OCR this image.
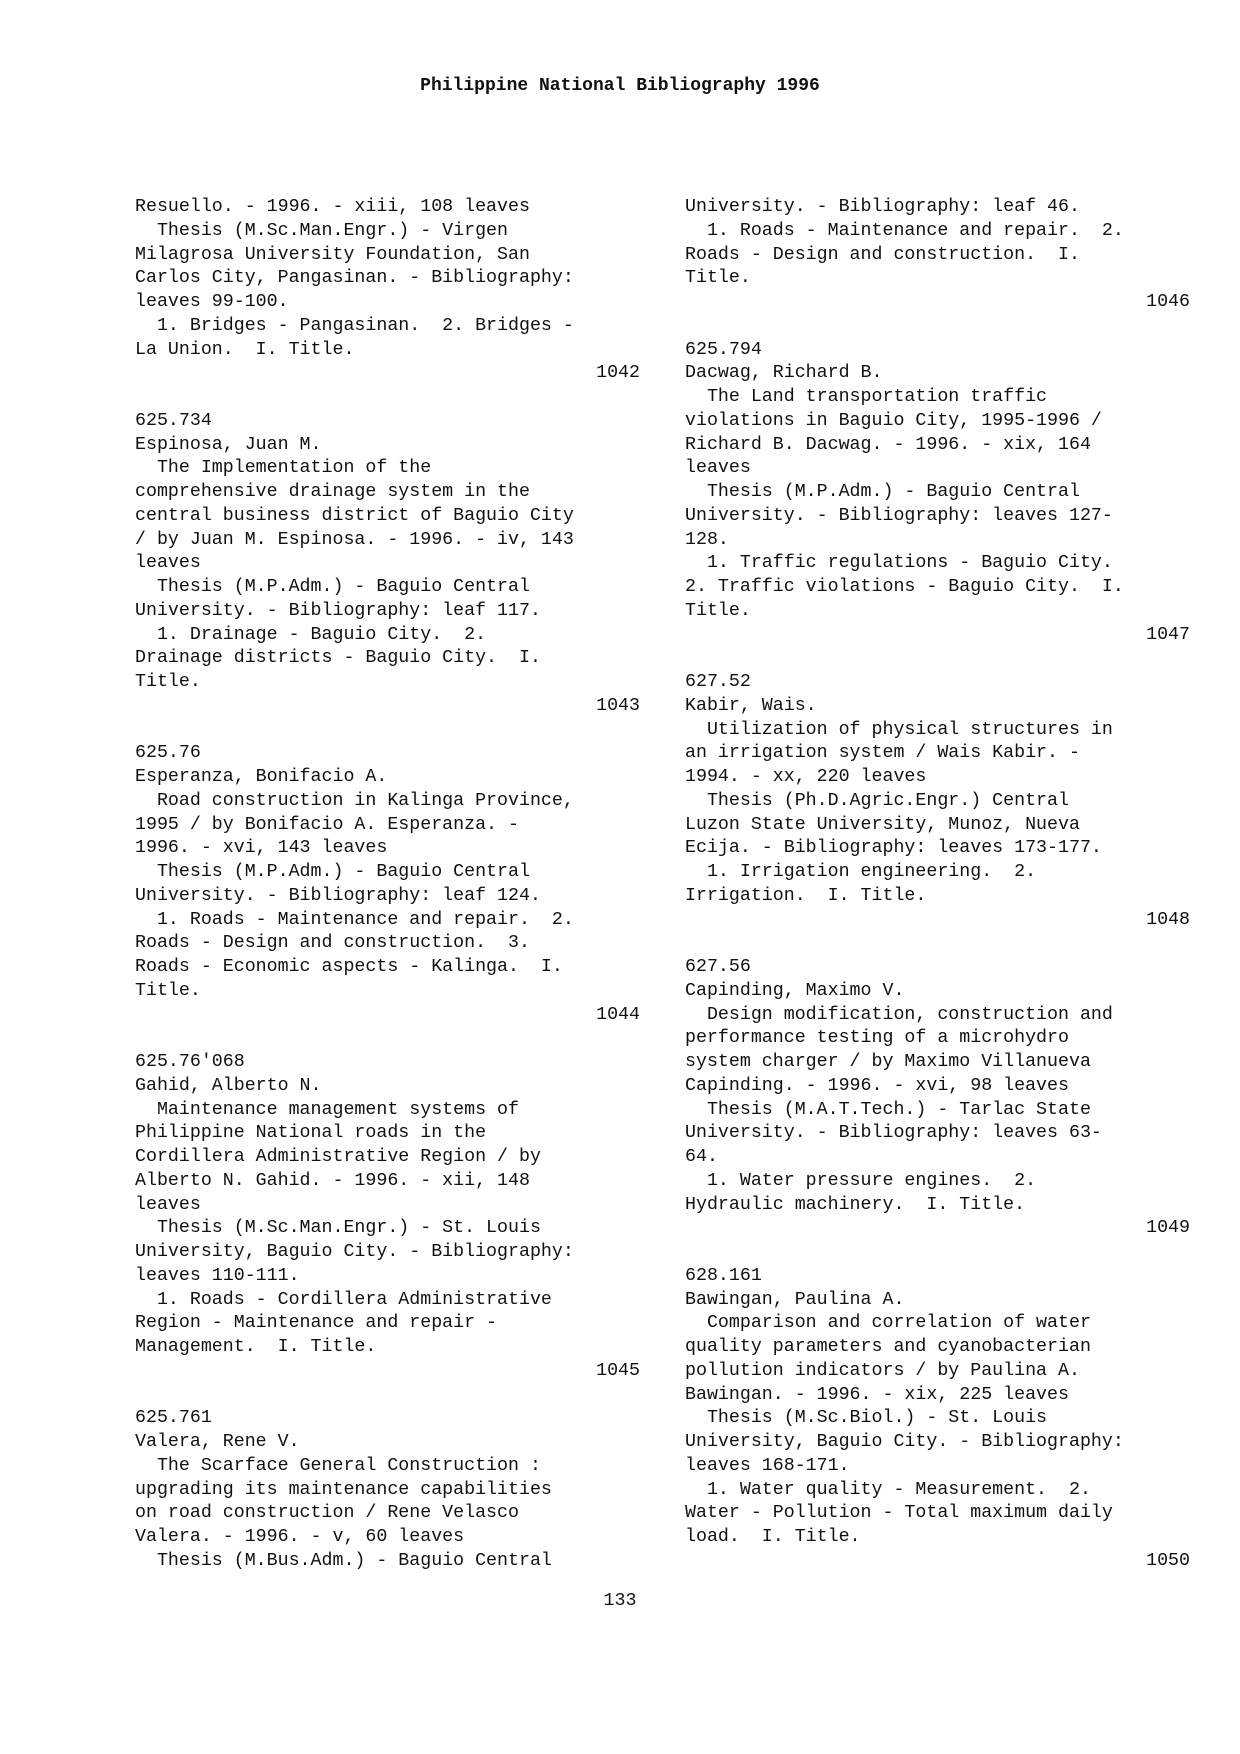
Philippine National Bibliography 1996
Resuello. - 1996. - xiii, 108 leaves
Thesis (M.Sc.Man.Engr.) - Virgen
Milagrosa University Foundation, San
Carlos City, Pangasinan. - Bibliography:
leaves 99-100.
1. Bridges - Pangasinan.  2. Bridges -
La Union.  I. Title.
1042
625.734
Espinosa, Juan M.
The Implementation of the
comprehensive drainage system in the
central business district of Baguio City
/ by Juan M. Espinosa. - 1996. - iv, 143
leaves
Thesis (M.P.Adm.) - Baguio Central
University. - Bibliography: leaf 117.
1. Drainage - Baguio City.  2.
Drainage districts - Baguio City.  I.
Title.
1043
625.76
Esperanza, Bonifacio A.
Road construction in Kalinga Province,
1995 / by Bonifacio A. Esperanza. -
1996. - xvi, 143 leaves
Thesis (M.P.Adm.) - Baguio Central
University. - Bibliography: leaf 124.
1. Roads - Maintenance and repair.  2.
Roads - Design and construction.  3.
Roads - Economic aspects - Kalinga.  I.
Title.
1044
625.76'068
Gahid, Alberto N.
Maintenance management systems of
Philippine National roads in the
Cordillera Administrative Region / by
Alberto N. Gahid. - 1996. - xii, 148
leaves
Thesis (M.Sc.Man.Engr.) - St. Louis
University, Baguio City. - Bibliography:
leaves 110-111.
1. Roads - Cordillera Administrative
Region - Maintenance and repair -
Management.  I. Title.
1045
625.761
Valera, Rene V.
The Scarface General Construction :
upgrading its maintenance capabilities
on road construction / Rene Velasco
Valera. - 1996. - v, 60 leaves
Thesis (M.Bus.Adm.) - Baguio Central
University. - Bibliography: leaf 46.
1. Roads - Maintenance and repair.  2.
Roads - Design and construction.  I.
Title.
1046
625.794
Dacwag, Richard B.
The Land transportation traffic
violations in Baguio City, 1995-1996 /
Richard B. Dacwag. - 1996. - xix, 164
leaves
Thesis (M.P.Adm.) - Baguio Central
University. - Bibliography: leaves 127-
128.
1. Traffic regulations - Baguio City.
2. Traffic violations - Baguio City.  I.
Title.
1047
627.52
Kabir, Wais.
Utilization of physical structures in
an irrigation system / Wais Kabir. -
1994. - xx, 220 leaves
Thesis (Ph.D.Agric.Engr.) Central
Luzon State University, Munoz, Nueva
Ecija. - Bibliography: leaves 173-177.
1. Irrigation engineering.  2.
Irrigation.  I. Title.
1048
627.56
Capinding, Maximo V.
Design modification, construction and
performance testing of a microhydro
system charger / by Maximo Villanueva
Capinding. - 1996. - xvi, 98 leaves
Thesis (M.A.T.Tech.) - Tarlac State
University. - Bibliography: leaves 63-
64.
1. Water pressure engines.  2.
Hydraulic machinery.  I. Title.
1049
628.161
Bawingan, Paulina A.
Comparison and correlation of water
quality parameters and cyanobacterian
pollution indicators / by Paulina A.
Bawingan. - 1996. - xix, 225 leaves
Thesis (M.Sc.Biol.) - St. Louis
University, Baguio City. - Bibliography:
leaves 168-171.
1. Water quality - Measurement.  2.
Water - Pollution - Total maximum daily
load.  I. Title.
1050
133
